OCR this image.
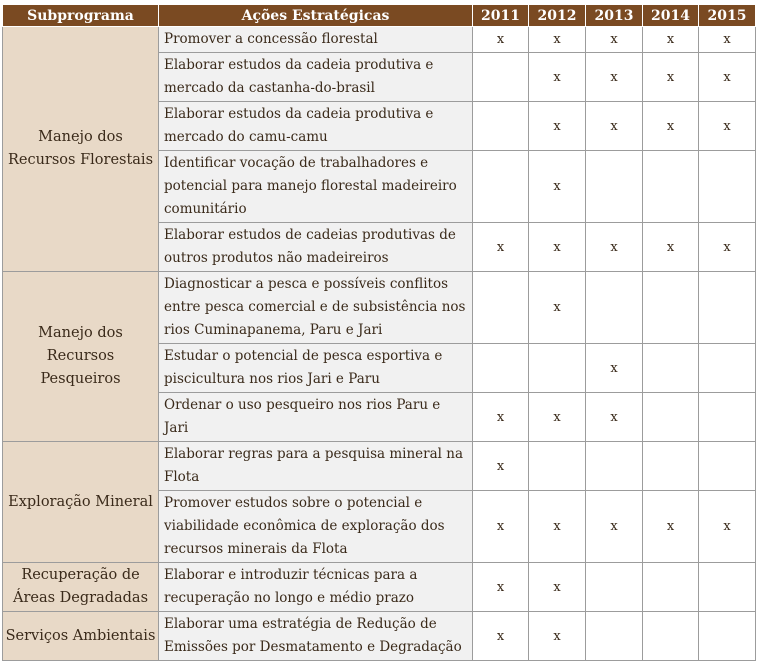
Subprograma	Ações Estratégicas	2011	2012	2013	2014	2015
Manejo dos Recursos Florestais	Promover a concessão florestal	x	x	x	x	x
	Elaborar estudos da cadeia produtiva e mercado da castanha-do-brasil		x	x	x	x
	Elaborar estudos da cadeia produtiva e mercado do camu-camu		x	x	x	x
	Identificar vocação de trabalhadores e potencial para manejo florestal madeireiro comunitário		x			
	Elaborar estudos de cadeias produtivas de outros produtos não madeireiros	x	x	x	x	x
Manejo dos Recursos Pesqueiros	Diagnosticar a pesca e possíveis conflitos entre pesca comercial e de subsistência nos rios Cuminapanema, Paru e Jari		x			
	Estudar o potencial de pesca esportiva e piscicultura nos rios Jari e Paru			x		
	Ordenar o uso pesqueiro nos rios Paru e Jari	x	x	x		
Exploração Mineral	Elaborar regras para a pesquisa mineral na Flota	x				
	Promover estudos sobre o potencial e viabilidade econômica de exploração dos recursos minerais da Flota	x	x	x	x	x
Recuperação de Áreas Degradadas	Elaborar e introduzir técnicas para a recuperação no longo e médio prazo	x	x			
Serviços Ambientais	Elaborar uma estratégia de Redução de Emissões por Desmatamento e Degradação	x	x			
